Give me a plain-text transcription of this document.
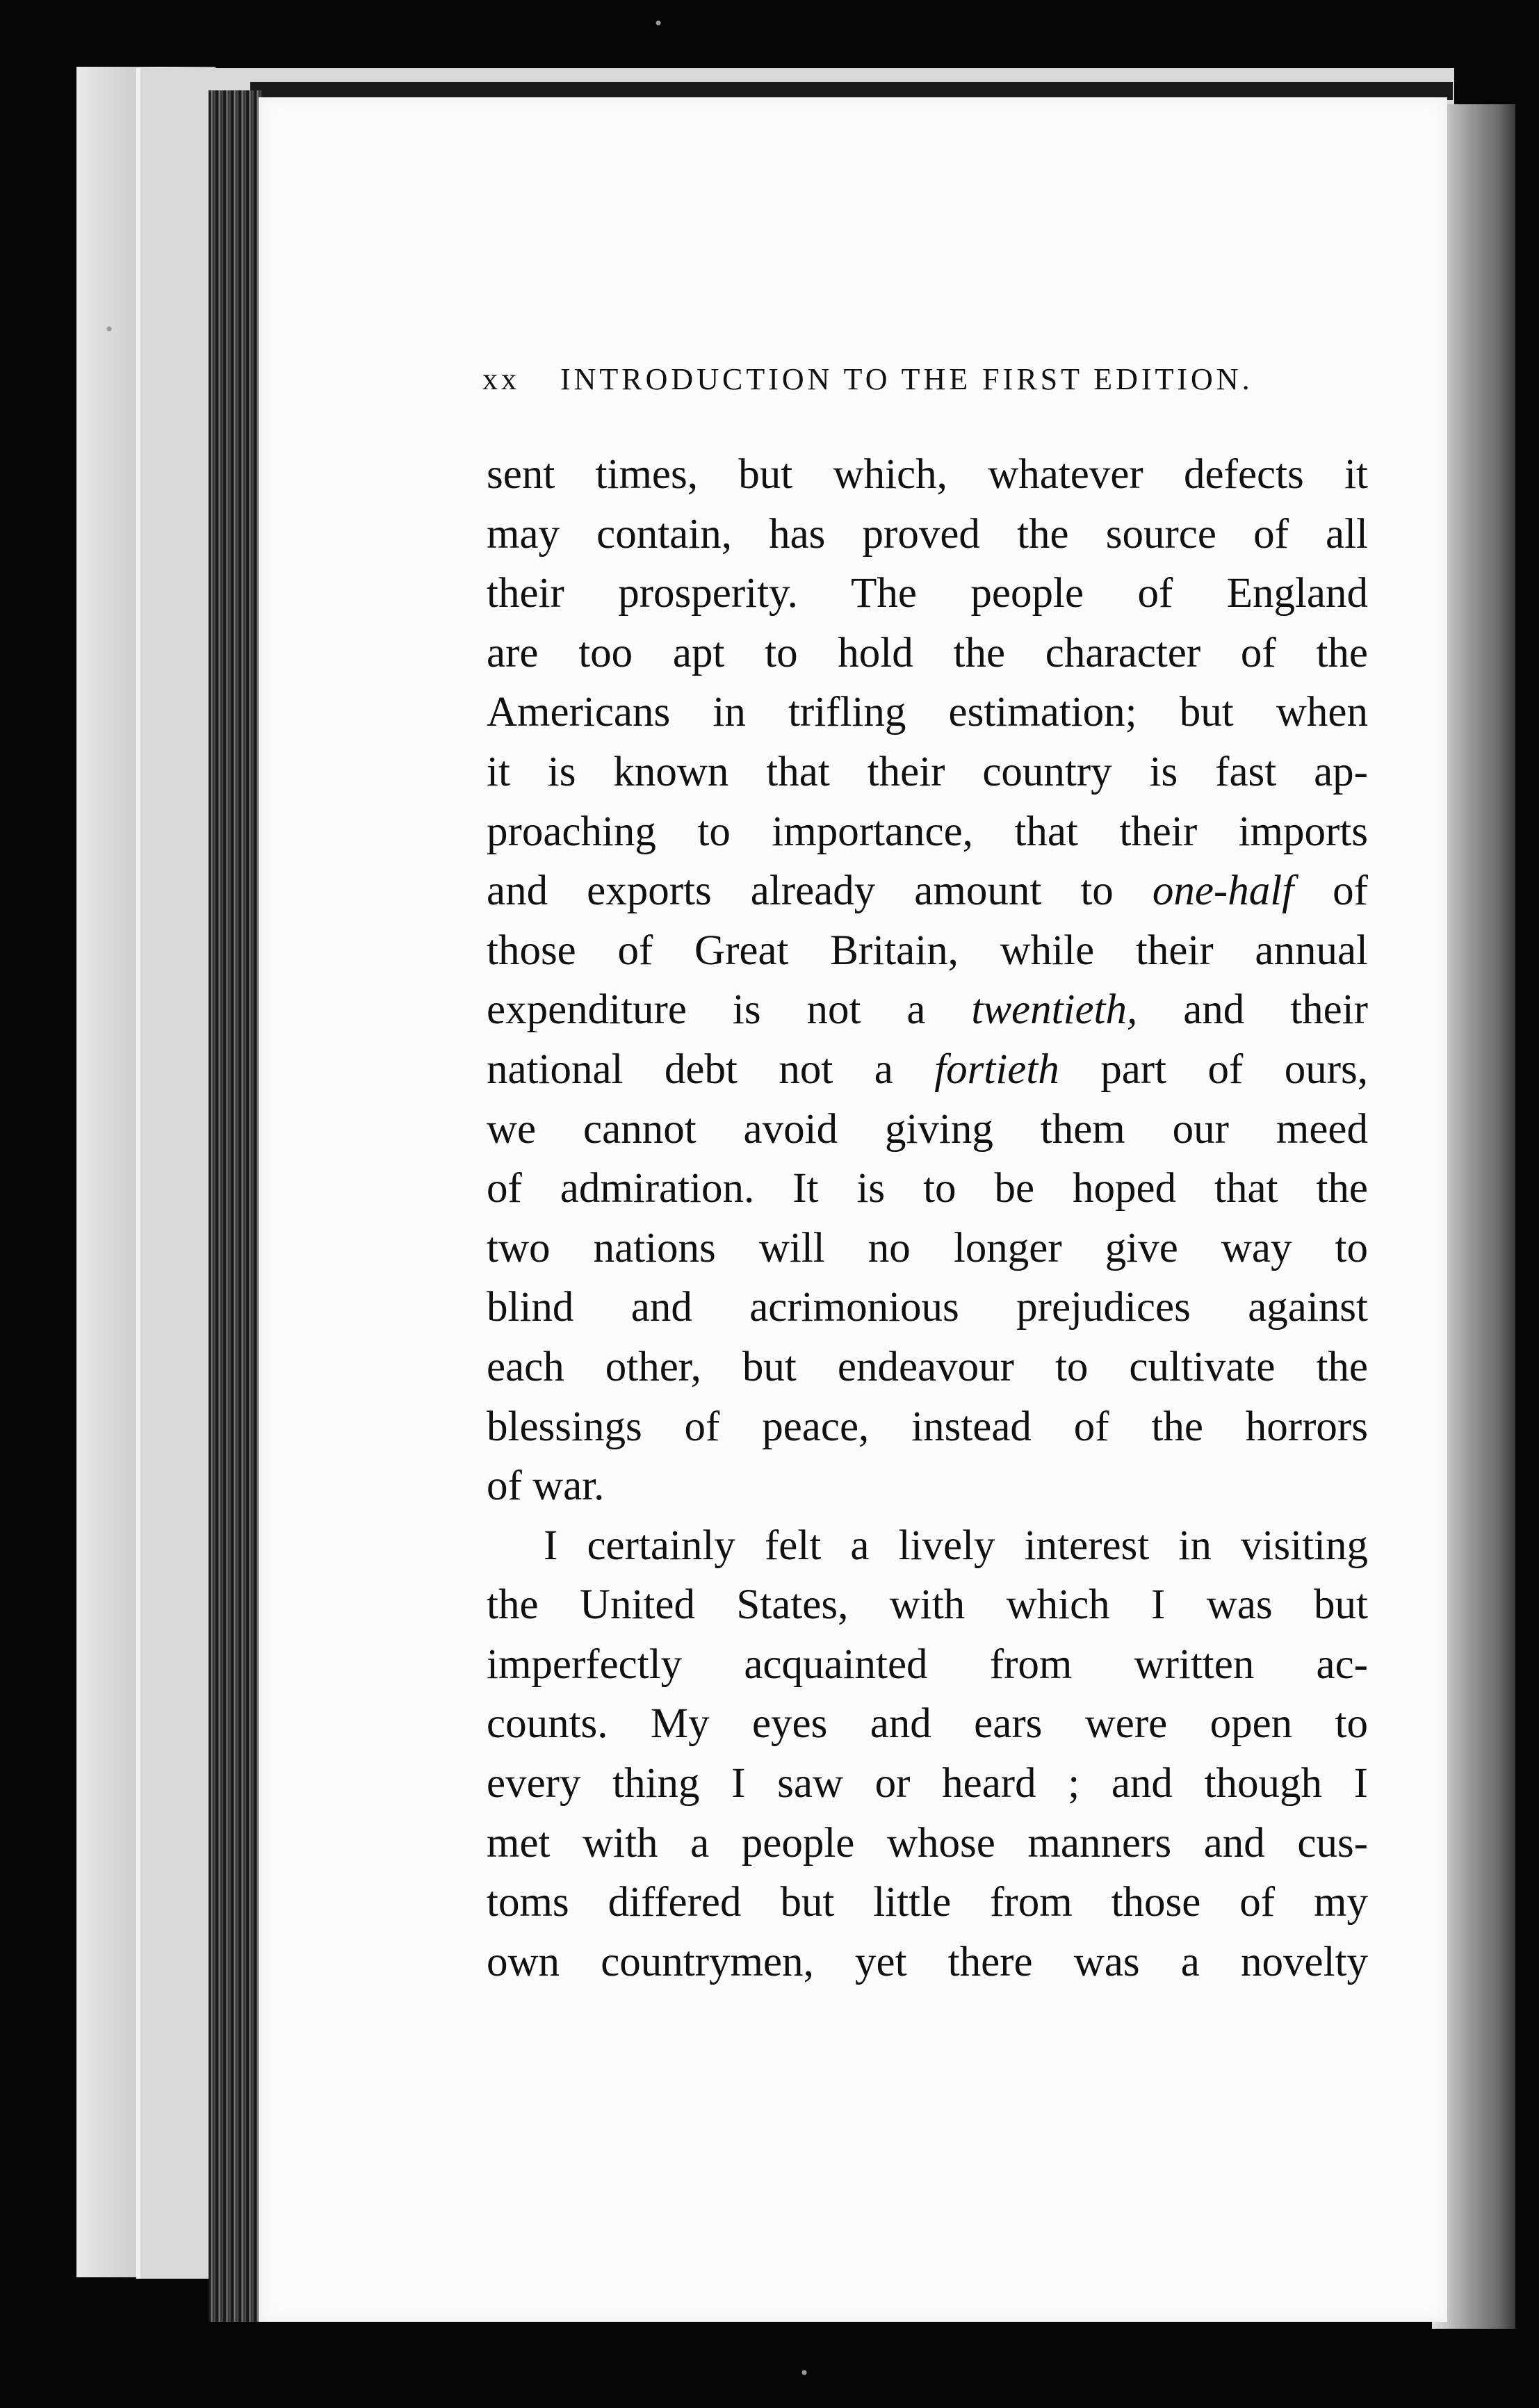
•
•
•
xx INTRODUCTION TO THE FIRST EDITION.
sent times, but which, whatever defects it
may contain, has proved the source of all
their prosperity. The people of England
are too apt to hold the character of the
Americans in trifling estimation; but when
it is known that their country is fast ap-
proaching to importance, that their imports
and exports already amount to one-half of
those of Great Britain, while their annual
expenditure is not a twentieth, and their
national debt not a fortieth part of ours,
we cannot avoid giving them our meed
of admiration. It is to be hoped that the
two nations will no longer give way to
blind and acrimonious prejudices against
each other, but endeavour to cultivate the
blessings of peace, instead of the horrors
of war.
I certainly felt a lively interest in visiting
the United States, with which I was but
imperfectly acquainted from written ac-
counts. My eyes and ears were open to
every thing I saw or heard ; and though I
met with a people whose manners and cus-
toms differed but little from those of my
own countrymen, yet there was a novelty
